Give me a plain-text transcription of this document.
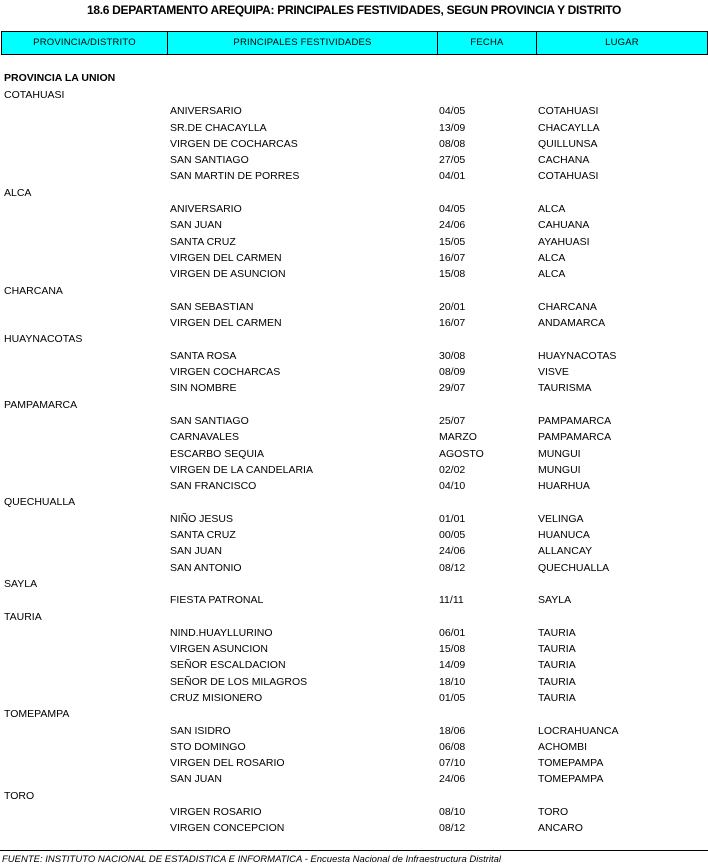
18.6 DEPARTAMENTO AREQUIPA: PRINCIPALES FESTIVIDADES, SEGUN PROVINCIA Y DISTRITO
PROVINCIA/DISTRITO	PRINCIPALES FESTIVIDADES	FECHA	LUGAR
PROVINCIA LA UNION
COTAHUASI
ANIVERSARIO	04/05	COTAHUASI
SR.DE CHACAYLLA	13/09	CHACAYLLA
VIRGEN DE COCHARCAS	08/08	QUILLUNSA
SAN SANTIAGO	27/05	CACHANA
SAN MARTIN DE PORRES	04/01	COTAHUASI
ALCA
ANIVERSARIO	04/05	ALCA
SAN JUAN	24/06	CAHUANA
SANTA CRUZ	15/05	AYAHUASI
VIRGEN DEL CARMEN	16/07	ALCA
VIRGEN DE ASUNCION	15/08	ALCA
CHARCANA
SAN SEBASTIAN	20/01	CHARCANA
VIRGEN DEL CARMEN	16/07	ANDAMARCA
HUAYNACOTAS
SANTA ROSA	30/08	HUAYNACOTAS
VIRGEN COCHARCAS	08/09	VISVE
SIN NOMBRE	29/07	TAURISMA
PAMPAMARCA
SAN SANTIAGO	25/07	PAMPAMARCA
CARNAVALES	MARZO	PAMPAMARCA
ESCARBO SEQUIA	AGOSTO	MUNGUI
VIRGEN DE LA CANDELARIA	02/02	MUNGUI
SAN FRANCISCO	04/10	HUARHUA
QUECHUALLA
NIÑO JESUS	01/01	VELINGA
SANTA CRUZ	00/05	HUANUCA
SAN JUAN	24/06	ALLANCAY
SAN ANTONIO	08/12	QUECHUALLA
SAYLA
FIESTA PATRONAL	11/11	SAYLA
TAURIA
NIND.HUAYLLURINO	06/01	TAURIA
VIRGEN ASUNCION	15/08	TAURIA
SEÑOR ESCALDACION	14/09	TAURIA
SEÑOR DE LOS MILAGROS	18/10	TAURIA
CRUZ MISIONERO	01/05	TAURIA
TOMEPAMPA
SAN ISIDRO	18/06	LOCRAHUANCA
STO DOMINGO	06/08	ACHOMBI
VIRGEN DEL ROSARIO	07/10	TOMEPAMPA
SAN JUAN	24/06	TOMEPAMPA
TORO
VIRGEN ROSARIO	08/10	TORO
VIRGEN CONCEPCION	08/12	ANCARO
FUENTE: INSTITUTO NACIONAL DE ESTADISTICA E INFORMATICA - Encuesta Nacional de Infraestructura Distrital
